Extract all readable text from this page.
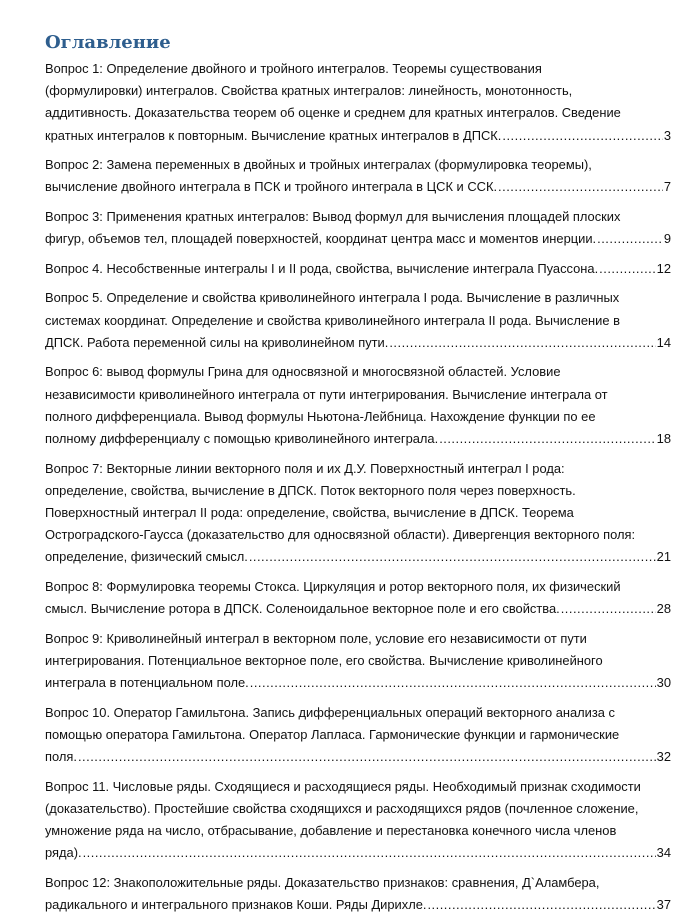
Оглавление

Вопрос 1: Определение двойного и тройного интегралов. Теоремы существования

(формулировки) интегралов. Свойства кратных интегралов: линейность, монотонность,

аддитивность. Доказательства теорем об оценке и среднем для кратных интегралов. Сведение

кратных интегралов к повторным. Вычисление кратных интегралов в ДПСК. .....	3

Вопрос 2: Замена переменных в двойных и тройных интегралах (формулировка теоремы),

вычисление двойного интеграла в ПСК и тройного интеграла в ЦСК и ССК. .....	7

Вопрос 3: Применения кратных интегралов: Вывод формул для вычисления площадей плоских

фигур, объемов тел, площадей поверхностей, координат центра масс и моментов инерции. .....	9

Вопрос 4. Несобственные интегралы I и II рода, свойства, вычисление интеграла Пуассона. .....	12

Вопрос 5. Определение и свойства криволинейного интеграла I рода. Вычисление в различных

системах координат. Определение и свойства криволинейного интеграла II рода. Вычисление в

ДПСК. Работа переменной силы на криволинейном пути. .....	14

Вопрос 6: вывод формулы Грина для односвязной и многосвязной областей. Условие

независимости криволинейного интеграла от пути интегрирования. Вычисление интеграла от

полного дифференциала. Вывод формулы Ньютона-Лейбница. Нахождение функции по ее

полному дифференциалу с помощью криволинейного интеграла. .....	18

Вопрос 7: Векторные линии векторного поля и их Д.У. Поверхностный интеграл I рода:

определение, свойства, вычисление в ДПСК. Поток векторного поля через поверхность.

Поверхностный интеграл II рода: определение, свойства, вычисление в ДПСК. Теорема

Остроградского-Гаусса (доказательство для односвязной области). Дивергенция векторного поля:

определение, физический смысл. .....	21

Вопрос 8: Формулировка теоремы Стокса. Циркуляция и ротор векторного поля, их физический

смысл. Вычисление ротора в ДПСК. Соленоидальное векторное поле и его свойства. .....	28

Вопрос 9: Криволинейный интеграл в векторном поле, условие его независимости от пути

интегрирования. Потенциальное векторное поле, его свойства. Вычисление криволинейного

интеграла в потенциальном поле. .....	30

Вопрос 10. Оператор Гамильтона. Запись дифференциальных операций векторного анализа с

помощью оператора Гамильтона. Оператор Лапласа. Гармонические функции и гармонические

поля. .....	32

Вопрос 11. Числовые ряды. Сходящиеся и расходящиеся ряды. Необходимый признак сходимости

(доказательство). Простейшие свойства сходящихся и расходящихся рядов (почленное сложение,

умножение ряда на число, отбрасывание, добавление и перестановка конечного числа членов

ряда). .....	34

Вопрос 12: Знакоположительные ряды. Доказательство признаков: сравнения, Д`Аламбера,

радикального и интегрального признаков Коши. Ряды Дирихле. .....	37
